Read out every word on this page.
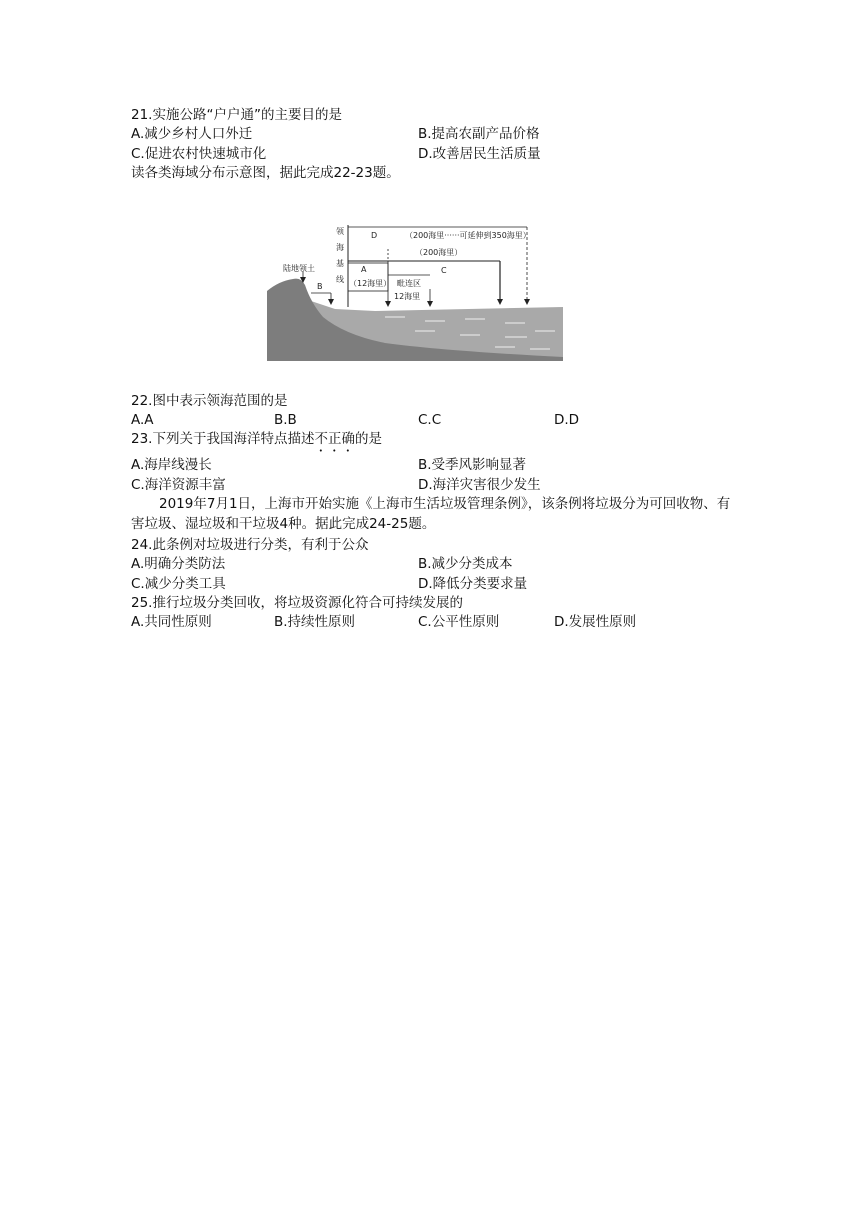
21.实施公路“户户通”的主要目的是
A.减少乡村人口外迁	B.提高农副产品价格
C.促进农村快速城市化	D.改善居民生活质量
读各类海域分布示意图，据此完成22-23题。
陆地领土
领
海
基
线
D	（200海里······可延伸到350海里）
（200海里）
C
A
（12海里） 毗连区
12海里
B
22.图中表示领海范围的是
A.A	B.B	C.C	D.D
23.下列关于我国海洋特点描述不正确的是
A.海岸线漫长	B.受季风影响显著
C.海洋资源丰富	D.海洋灾害很少发生
2019年7月1日，上海市开始实施《上海市生活垃圾管理条例》，该条例将垃圾分为可回收物、有害垃圾、湿垃圾和干垃圾4种。据此完成24-25题。
24.此条例对垃圾进行分类，有利于公众
A.明确分类防法	B.减少分类成本
C.减少分类工具	D.降低分类要求量
25.推行垃圾分类回收，将垃圾资源化符合可持续发展的
A.共同性原则	B.持续性原则	C.公平性原则	D.发展性原则
